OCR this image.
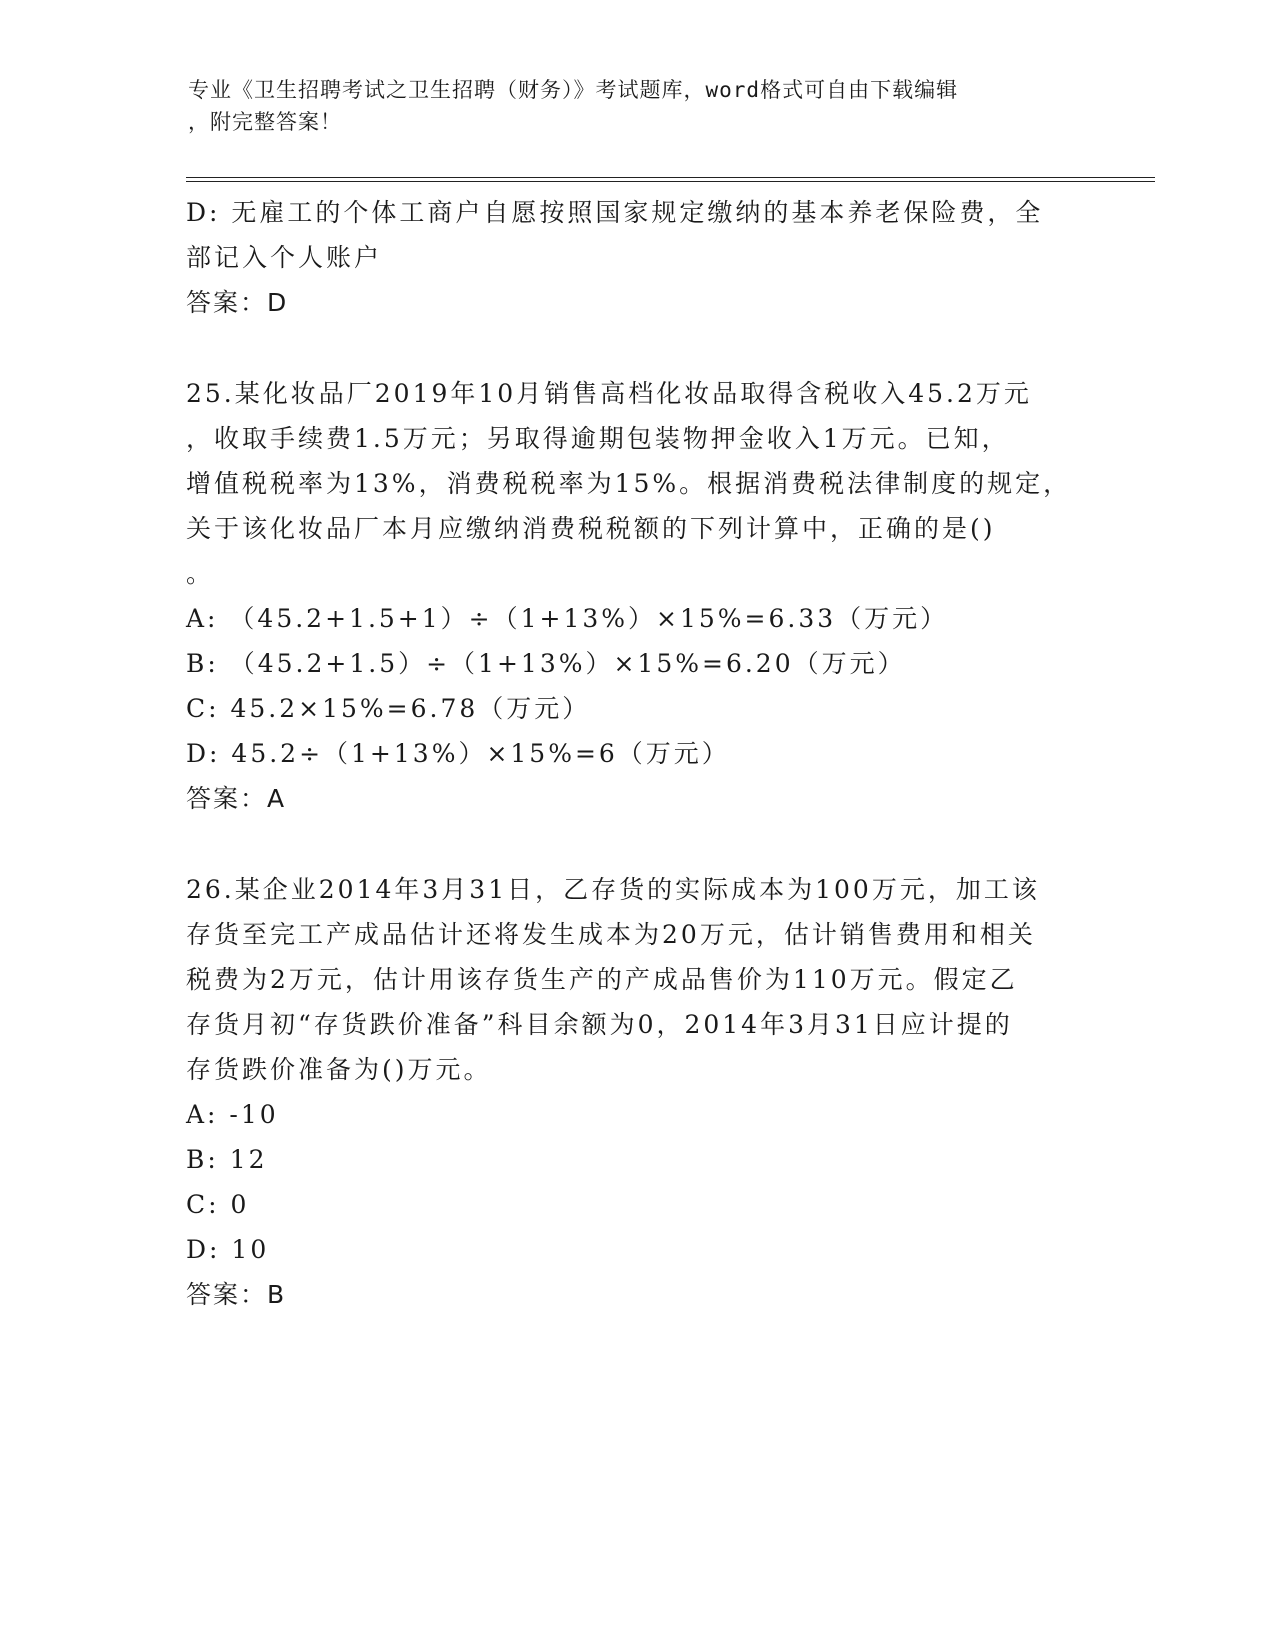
专业《卫生招聘考试之卫生招聘（财务）》考试题库，word格式可自由下载编辑
，附完整答案！
D: 无雇工的个体工商户自愿按照国家规定缴纳的基本养老保险费，全
部记入个人账户
答案：D
25.某化妆品厂2019年10月销售高档化妆品取得含税收入45.2万元
，收取手续费1.5万元；另取得逾期包装物押金收入1万元。已知，
增值税税率为13%，消费税税率为15%。根据消费税法律制度的规定，
关于该化妆品厂本月应缴纳消费税税额的下列计算中，正确的是()
。
A: （45.2+1.5+1）÷（1+13%）×15%=6.33（万元）
B: （45.2+1.5）÷（1+13%）×15%=6.20（万元）
C: 45.2×15%=6.78（万元）
D: 45.2÷（1+13%）×15%=6（万元）
答案：A
26.某企业2014年3月31日，乙存货的实际成本为100万元，加工该
存货至完工产成品估计还将发生成本为20万元，估计销售费用和相关
税费为2万元，估计用该存货生产的产成品售价为110万元。假定乙
存货月初“存货跌价准备”科目余额为0，2014年3月31日应计提的
存货跌价准备为()万元。
A: -10
B: 12
C: 0
D: 10
答案：B
